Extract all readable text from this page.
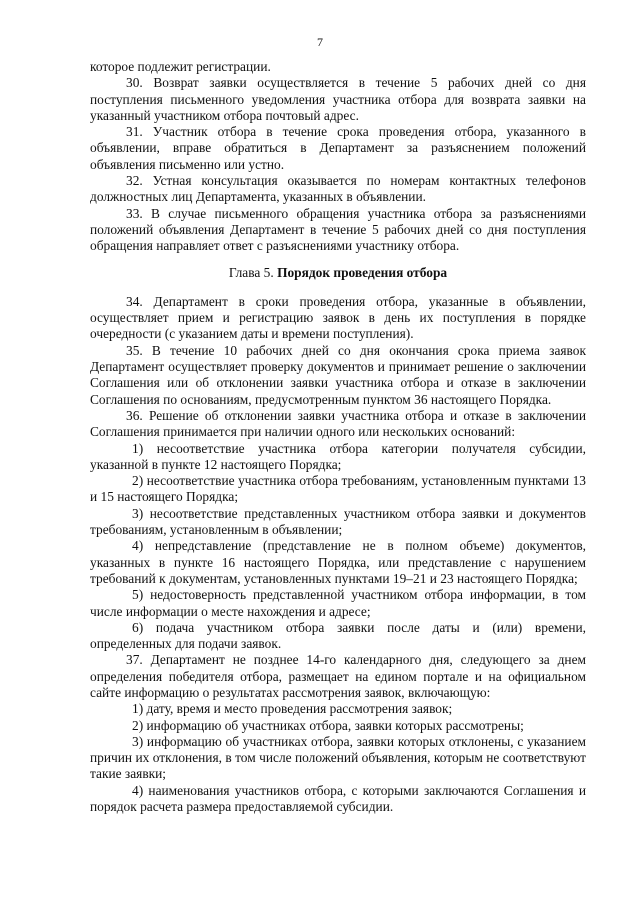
7

которое подлежит регистрации.

30. Возврат заявки осуществляется в течение 5 рабочих дней со дня поступления письменного уведомления участника отбора для возврата заявки на указанный участником отбора почтовый адрес.

31. Участник отбора в течение срока проведения отбора, указанного в объявлении, вправе обратиться в Департамент за разъяснением положений объявления письменно или устно.

32. Устная консультация оказывается по номерам контактных телефонов должностных лиц Департамента, указанных в объявлении.

33. В случае письменного обращения участника отбора за разъяснениями положений объявления Департамент в течение 5 рабочих дней со дня поступления обращения направляет ответ с разъяснениями участнику отбора.

Глава 5. Порядок проведения отбора

34. Департамент в сроки проведения отбора, указанные в объявлении, осуществляет прием и регистрацию заявок в день их поступления в порядке очередности (с указанием даты и времени поступления).

35. В течение 10 рабочих дней со дня окончания срока приема заявок Департамент осуществляет проверку документов и принимает решение о заключении Соглашения или об отклонении заявки участника отбора и отказе в заключении Соглашения по основаниям, предусмотренным пунктом 36 настоящего Порядка.

36. Решение об отклонении заявки участника отбора и отказе в заключении Соглашения принимается при наличии одного или нескольких оснований:

1) несоответствие участника отбора категории получателя субсидии, указанной в пункте 12 настоящего Порядка;

2) несоответствие участника отбора требованиям, установленным пунктами 13 и 15 настоящего Порядка;

3) несоответствие представленных участником отбора заявки и документов требованиям, установленным в объявлении;

4) непредставление (представление не в полном объеме) документов, указанных в пункте 16 настоящего Порядка, или представление с нарушением требований к документам, установленных пунктами 19–21 и 23 настоящего Порядка;

5) недостоверность представленной участником отбора информации, в том числе информации о месте нахождения и адресе;

6) подача участником отбора заявки после даты и (или) времени, определенных для подачи заявок.

37. Департамент не позднее 14-го календарного дня, следующего за днем определения победителя отбора, размещает на едином портале и на официальном сайте информацию о результатах рассмотрения заявок, включающую:

1) дату, время и место проведения рассмотрения заявок;

2) информацию об участниках отбора, заявки которых рассмотрены;

3) информацию об участниках отбора, заявки которых отклонены, с указанием причин их отклонения, в том числе положений объявления, которым не соответствуют такие заявки;

4) наименования участников отбора, с которыми заключаются Соглашения и порядок расчета размера предоставляемой субсидии.
